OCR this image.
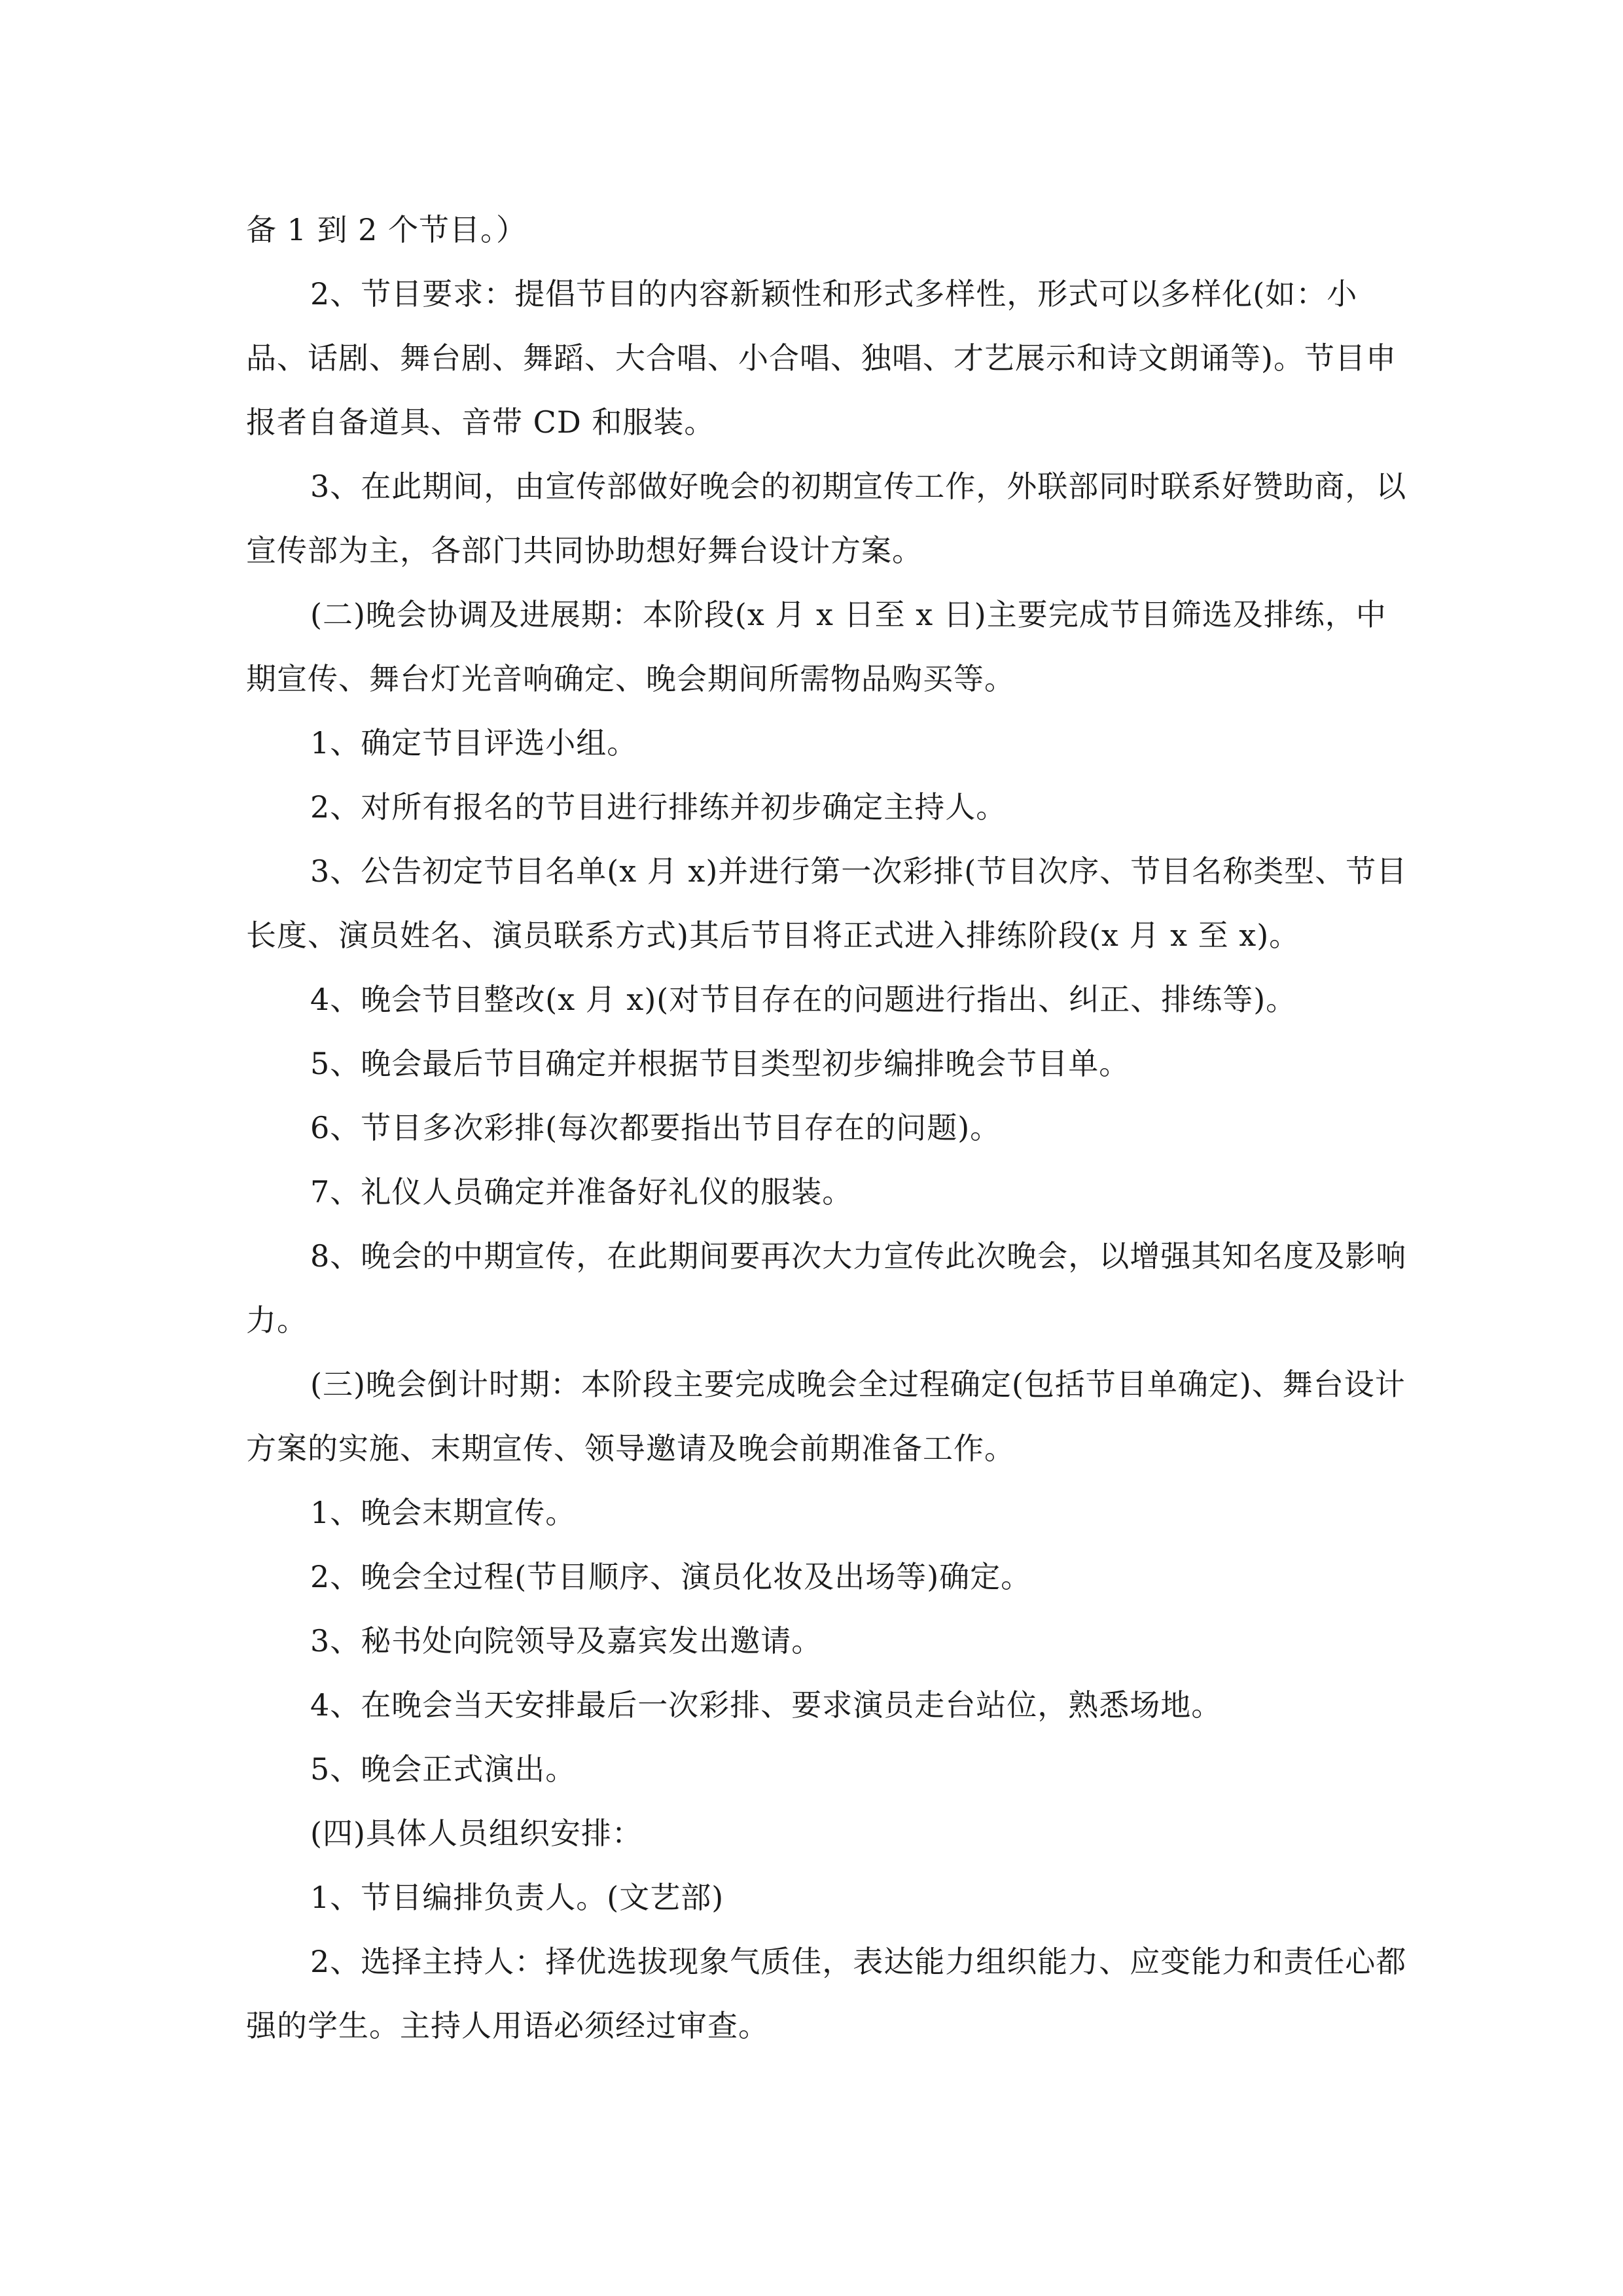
备 1 到 2 个节目。）

2、节目要求：提倡节目的内容新颖性和形式多样性，形式可以多样化(如：小品、话剧、舞台剧、舞蹈、大合唱、小合唱、独唱、才艺展示和诗文朗诵等)。节目申报者自备道具、音带 CD 和服装。

3、在此期间，由宣传部做好晚会的初期宣传工作，外联部同时联系好赞助商，以宣传部为主，各部门共同协助想好舞台设计方案。

(二)晚会协调及进展期：本阶段(x 月 x 日至 x 日)主要完成节目筛选及排练，中期宣传、舞台灯光音响确定、晚会期间所需物品购买等。

1、确定节目评选小组。

2、对所有报名的节目进行排练并初步确定主持人。

3、公告初定节目名单(x 月 x)并进行第一次彩排(节目次序、节目名称类型、节目长度、演员姓名、演员联系方式)其后节目将正式进入排练阶段(x 月 x 至 x)。

4、晚会节目整改(x 月 x)(对节目存在的问题进行指出、纠正、排练等)。

5、晚会最后节目确定并根据节目类型初步编排晚会节目单。

6、节目多次彩排(每次都要指出节目存在的问题)。

7、礼仪人员确定并准备好礼仪的服装。

8、晚会的中期宣传，在此期间要再次大力宣传此次晚会，以增强其知名度及影响力。

(三)晚会倒计时期：本阶段主要完成晚会全过程确定(包括节目单确定)、舞台设计方案的实施、末期宣传、领导邀请及晚会前期准备工作。

1、晚会末期宣传。

2、晚会全过程(节目顺序、演员化妆及出场等)确定。

3、秘书处向院领导及嘉宾发出邀请。

4、在晚会当天安排最后一次彩排、要求演员走台站位，熟悉场地。

5、晚会正式演出。

(四)具体人员组织安排：

1、节目编排负责人。(文艺部)

2、选择主持人：择优选拔现象气质佳，表达能力组织能力、应变能力和责任心都强的学生。主持人用语必须经过审查。
